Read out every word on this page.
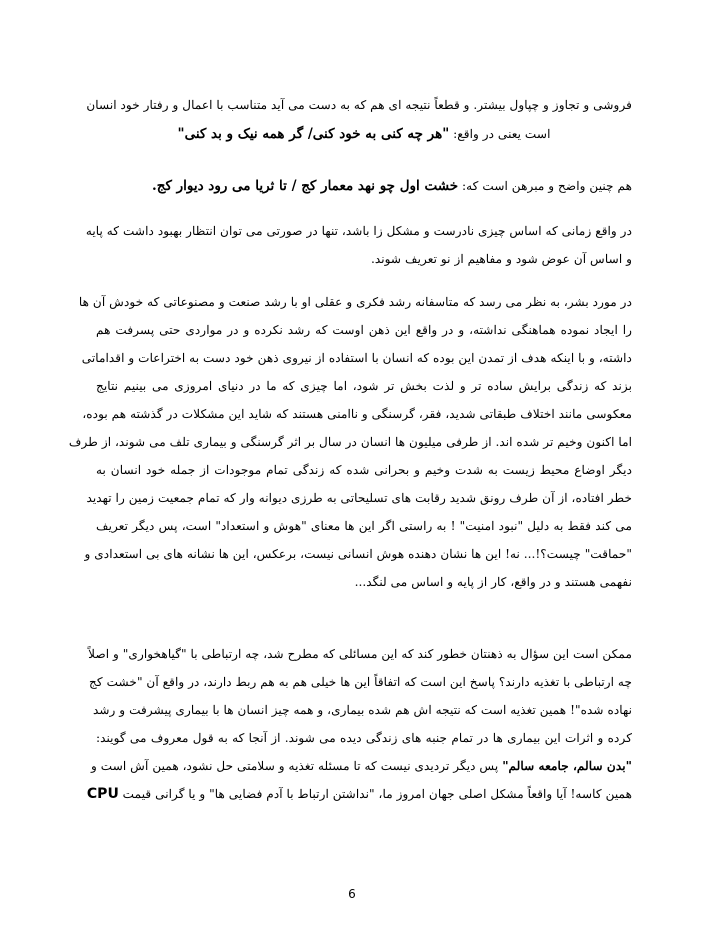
فروشی و تجاوز و چپاول بیشتر. و قطعاً نتیجه ای هم که به دست می آید متناسب با اعمال و رفتار خود انسان
است یعنی در واقع: "هر چه کنی به خود کنی/ گر همه نیک و بد کنی"
هم چنین واضح و مبرهن است که: خشت اول چو نهد معمار کج / تا ثریا می رود دیوار کج.
در واقع زمانی که اساس چیزی نادرست و مشکل زا باشد، تنها در صورتی می توان انتظار بهبود داشت که پایه
و اساس آن عوض شود و مفاهیم از نو تعریف شوند.
در مورد بشر، به نظر می رسد که متاسفانه رشد فکری و عقلی او با رشد صنعت و مصنوعاتی که خودش آن ها
را ایجاد نموده هماهنگی نداشته، و در واقع این ذهن اوست که رشد نکرده و در مواردی حتی پسرفت هم
داشته، و با اینکه هدف از تمدن این بوده که انسان با استفاده از نیروی ذهن خود دست به اختراعات و اقداماتی
بزند که زندگی برایش ساده تر و لذت بخش تر شود، اما چیزی که ما در دنیای امروزی می بینیم نتایج
معکوسی مانند اختلاف طبقاتی شدید، فقر، گرسنگی و ناامنی هستند که شاید این مشکلات در گذشته هم بوده،
اما اکنون وخیم تر شده اند. از طرفی میلیون ها انسان در سال بر اثر گرسنگی و بیماری تلف می شوند، از طرف
دیگر اوضاع محیط زیست به شدت وخیم و بحرانی شده که زندگی تمام موجودات از جمله خود انسان به
خطر افتاده، از آن طرف رونق شدید رقابت های تسلیحاتی به طرزی دیوانه وار که تمام جمعیت زمین را تهدید
می کند فقط به دلیل "نبود امنیت" ! به راستی اگر این ها معنای "هوش و استعداد" است، پس دیگر تعریف
"حماقت" چیست؟!... نه! این ها نشان دهنده هوش انسانی نیست، برعکس، این ها نشانه های بی استعدادی و
نفهمی هستند و در واقع، کار از پایه و اساس می لنگد...
ممکن است این سؤال به ذهنتان خطور کند که این مسائلی که مطرح شد، چه ارتباطی با "گیاهخواری" و اصلاً
چه ارتباطی با تغذیه دارند؟ پاسخ این است که اتفاقاً این ها خیلی هم به هم ربط دارند، در واقع آن "خشت کج
نهاده شده"! همین تغذیه است که نتیجه اش هم شده بیماری، و همه چیز انسان ها با بیماری پیشرفت و رشد
کرده و اثرات این بیماری ها در تمام جنبه های زندگی دیده می شوند. از آنجا که به قول معروف می گویند:
"بدن سالم، جامعه سالم" پس دیگر تردیدی نیست که تا مسئله تغذیه و سلامتی حل نشود، همین آش است و
همین کاسه! آیا واقعاً مشکل اصلی جهان امروز ما، "نداشتن ارتباط با آدم فضایی ها" و یا گرانی قیمت CPU
6
